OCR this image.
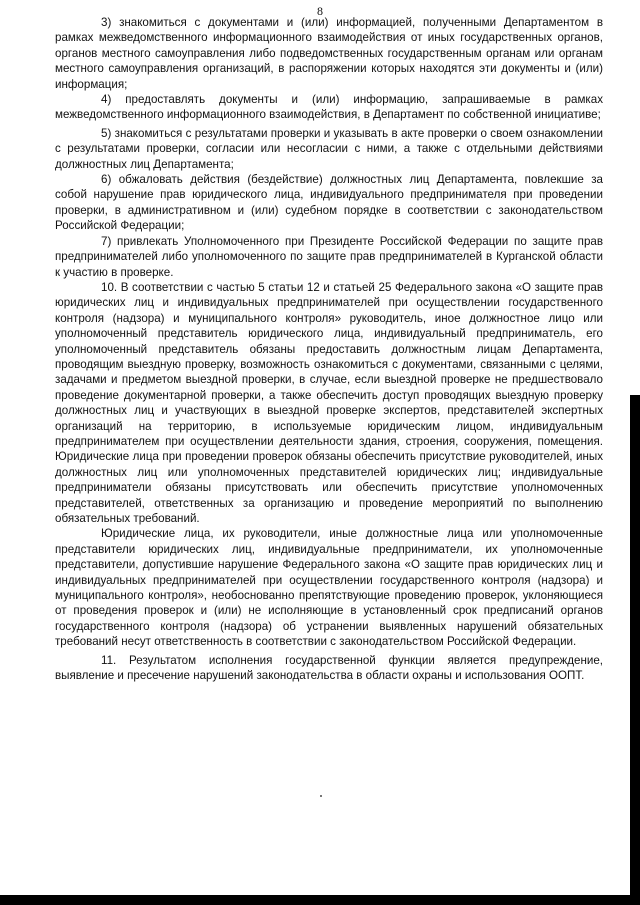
8

3) знакомиться с документами и (или) информацией, полученными Департаментом в рамках межведомственного информационного взаимодействия от иных государственных органов, органов местного самоуправления либо подведомственных государственным органам или органам местного самоуправления организаций, в распоряжении которых находятся эти документы и (или) информация;

4) предоставлять документы и (или) информацию, запрашиваемые в рамках межведомственного информационного взаимодействия, в Департамент по собственной инициативе;

5) знакомиться с результатами проверки и указывать в акте проверки о своем ознакомлении с результатами проверки, согласии или несогласии с ними, а также с отдельными действиями должностных лиц Департамента;

6) обжаловать действия (бездействие) должностных лиц Департамента, повлекшие за собой нарушение прав юридического лица, индивидуального предпринимателя при проведении проверки, в административном и (или) судебном порядке в соответствии с законодательством Российской Федерации;

7) привлекать Уполномоченного при Президенте Российской Федерации по защите прав предпринимателей либо уполномоченного по защите прав предпринимателей в Курганской области к участию в проверке.

10. В соответствии с частью 5 статьи 12 и статьей 25 Федерального закона «О защите прав юридических лиц и индивидуальных предпринимателей при осуществлении государственного контроля (надзора) и муниципального контроля» руководитель, иное должностное лицо или уполномоченный представитель юридического лица, индивидуальный предприниматель, его уполномоченный представитель обязаны предоставить должностным лицам Департамента, проводящим выездную проверку, возможность ознакомиться с документами, связанными с целями, задачами и предметом выездной проверки, в случае, если выездной проверке не предшествовало проведение документарной проверки, а также обеспечить доступ проводящих выездную проверку должностных лиц и участвующих в выездной проверке экспертов, представителей экспертных организаций на территорию, в используемые юридическим лицом, индивидуальным предпринимателем при осуществлении деятельности здания, строения, сооружения, помещения. Юридические лица при проведении проверок обязаны обеспечить присутствие руководителей, иных должностных лиц или уполномоченных представителей юридических лиц; индивидуальные предприниматели обязаны присутствовать или обеспечить присутствие уполномоченных представителей, ответственных за организацию и проведение мероприятий по выполнению обязательных требований.

Юридические лица, их руководители, иные должностные лица или уполномоченные представители юридических лиц, индивидуальные предприниматели, их уполномоченные представители, допустившие нарушение Федерального закона «О защите прав юридических лиц и индивидуальных предпринимателей при осуществлении государственного контроля (надзора) и муниципального контроля», необоснованно препятствующие проведению проверок, уклоняющиеся от проведения проверок и (или) не исполняющие в установленный срок предписаний органов государственного контроля (надзора) об устранении выявленных нарушений обязательных требований несут ответственность в соответствии с законодательством Российской Федерации.

11. Результатом исполнения государственной функции является предупреждение, выявление и пресечение нарушений законодательства в области охраны и использования ООПТ.
